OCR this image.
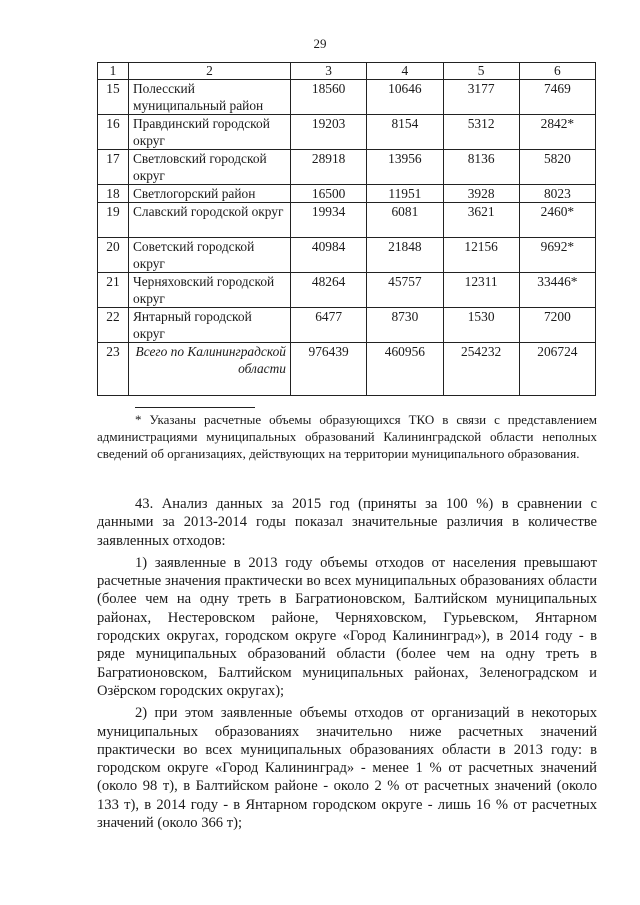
29
1	2	3	4	5	6
15	Полесский муниципальный район	18560	10646	3177	7469
16	Правдинский городской округ	19203	8154	5312	2842*
17	Светловский городской округ	28918	13956	8136	5820
18	Светлогорский район	16500	11951	3928	8023
19	Славский городской округ	19934	6081	3621	2460*
20	Советский городской округ	40984	21848	12156	9692*
21	Черняховский городской округ	48264	45757	12311	33446*
22	Янтарный городской округ	6477	8730	1530	7200
23	Всего по Калининградской области	976439	460956	254232	206724
* Указаны расчетные объемы образующихся ТКО в связи с представлением администрациями муниципальных образований Калининградской области неполных сведений об организациях, действующих на территории муниципального образования.

43. Анализ данных за 2015 год (приняты за 100 %) в сравнении с данными за 2013-2014 годы показал значительные различия в количестве заявленных отходов:

1) заявленные в 2013 году объемы отходов от населения превышают расчетные значения практически во всех муниципальных образованиях области (более чем на одну треть в Багратионовском, Балтийском муниципальных районах, Нестеровском районе, Черняховском, Гурьевском, Янтарном городских округах, городском округе «Город Калининград»), в 2014 году - в ряде муниципальных образований области (более чем на одну треть в Багратионовском, Балтийском муниципальных районах, Зеленоградском и Озёрском городских округах);

2) при этом заявленные объемы отходов от организаций в некоторых муниципальных образованиях значительно ниже расчетных значений практически во всех муниципальных образованиях области в 2013 году: в городском округе «Город Калининград» - менее 1 % от расчетных значений (около 98 т), в Балтийском районе - около 2 % от расчетных значений (около 133 т), в 2014 году - в Янтарном городском округе - лишь 16 % от расчетных значений (около 366 т);
